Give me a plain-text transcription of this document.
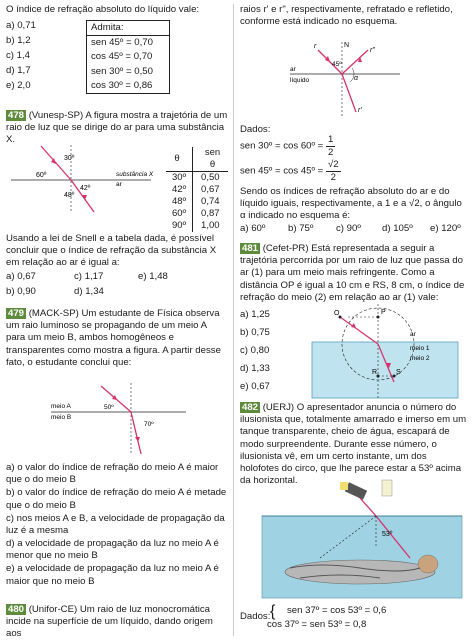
O índice de refração absoluto do líquido vale:

a) 0,71
b) 1,2
c) 1,4
d) 1,7
e) 2,0
Admita:
sen 45º = 0,70
cos 45º = 0,70
sen 30º = 0,50
cos 30º = 0,86

478 (Vunesp-SP) A figura mostra a trajetória de um raio de luz que se dirige do ar para uma substância X.

30º
60º
42º
48º
substância X
ar
θ	sen θ
30º	0,50
42º	0,67
48º	0,74
60º	0,87
90º	1,00

Usando a lei de Snell e a tabela dada, é possível concluir que o índice de refração da substância X em relação ao ar é igual a:

a) 0,67	c) 1,17	e) 1,48
b) 0,90	d) 1,34

479 (MACK-SP) Um estudante de Física observa um raio luminoso se propagando de um meio A para um meio B, ambos homogêneos e transparentes como mostra a figura. A partir desse fato, o estudante conclui que:

meio A
meio B
50º
70º

a) o valor do índice de refração do meio A é maior que o do meio B

b) o valor do índice de refração do meio A é metade que o do meio B

c) nos meios A e B, a velocidade de propagação da luz é a mesma

d) a velocidade de propagação da luz no meio A é menor que no meio B

e) a velocidade de propagação da luz no meio A é maior que no meio B

480 (Unifor-CE) Um raio de luz monocromática incide na superfície de um líquido, dando origem aos

raios r' e r", respectivamente, refratado e refletido, conforme está indicado no esquema.

N
45º
ar
líquido
r
r"
r'
α

Dados:

sen 30º = cos 60º = $\frac{1}{2}$
sen 45º = cos 45º = $\frac{√2}{2}$

Sendo os índices de refração absoluto do ar e do líquido iguais, respectivamente, a 1 e a √2, o ângulo α indicado no esquema é:

a) 60º b) 75º c) 90º d) 105º e) 120º

481 (Cefet-PR) Está representada a seguir a trajetória percorrida por um raio de luz que passa do ar (1) para um meio mais refringente. Como a distância OP é igual a 10 cm e RS, 8 cm, o índice de refração do meio (2) em relação ao ar (1) vale:

a) 1,25
b) 0,75
c) 0,80
d) 1,33
e) 0,67
O	P
R	S
ar
meio 1
meio 2

482 (UERJ) O apresentador anuncia o número do ilusionista que, totalmente amarrado e imerso em um tanque transparente, cheio de água, escapará de modo surpreendente. Durante esse número, o ilusionista vê, em um certo instante, um dos holofotes do circo, que lhe parece estar a 53º acima da horizontal.

53º

Dados: { sen 37º = cos 53º = 0,6

cos 37º = sen 53º = 0,8
